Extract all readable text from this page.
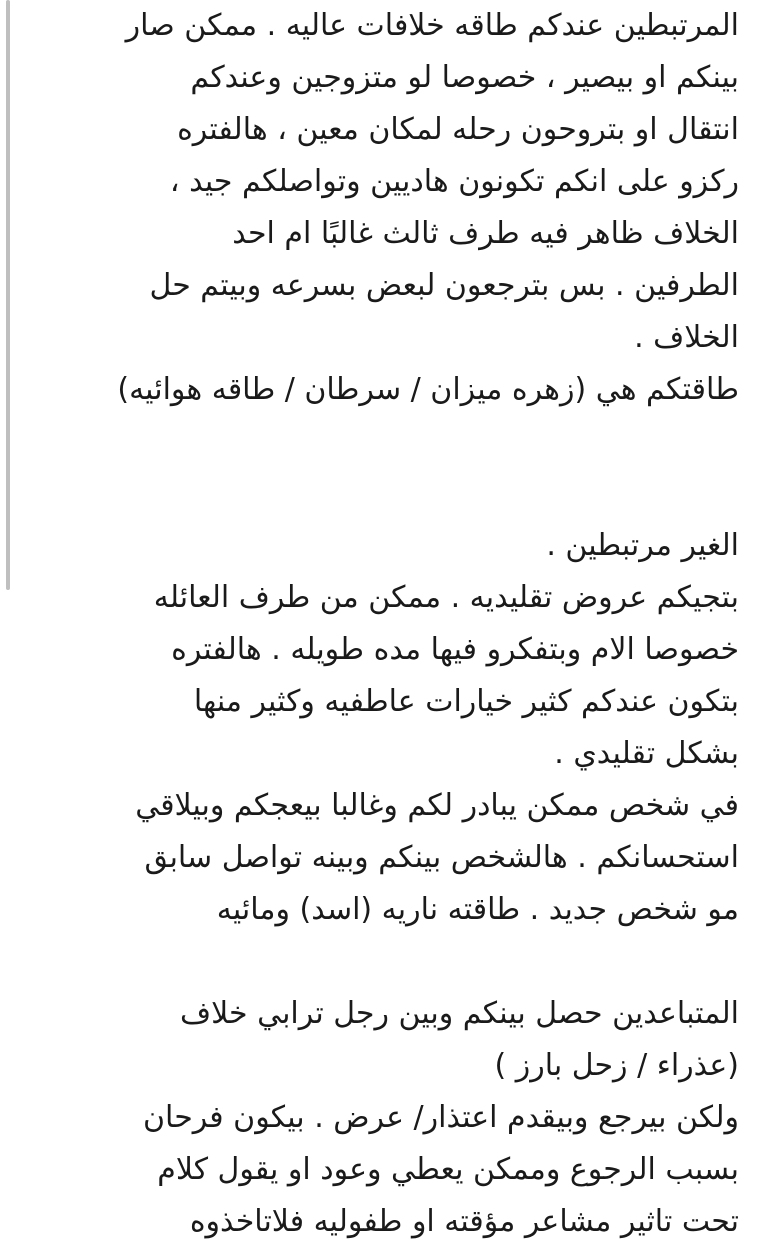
المرتبطين عندكم طاقه خلافات عاليه . ممكن صار
بينكم او بيصير ، خصوصا لو متزوجين وعندكم
انتقال او بتروحون رحله لمكان معين ، هالفتره
ركزو على انكم تكونون هاديين وتواصلكم جيد ،
الخلاف ظاهر فيه طرف ثالث غالبًا ام احد
الطرفين . بس بترجعون لبعض بسرعه وبيتم حل
الخلاف .
طاقتكم هي (زهره ميزان / سرطان / طاقه هوائيه)
الغير مرتبطين .
بتجيكم عروض تقليديه . ممكن من طرف العائله
خصوصا الام وبتفكرو فيها مده طويله . هالفتره
بتكون عندكم كثير خيارات عاطفيه وكثير منها
بشكل تقليدي .
في شخص ممكن يبادر لكم وغالبا بيعجكم وبيلاقي
استحسانكم . هالشخص بينكم وبينه تواصل سابق
مو شخص جديد . طاقته ناريه (اسد) ومائيه
المتباعدين حصل بينكم وبين رجل ترابي خلاف
(عذراء / زحل بارز )
ولكن بيرجع وبيقدم اعتذار/ عرض . بيكون فرحان
بسبب الرجوع وممكن يعطي وعود او يقول كلام
تحت تاثير مشاعر مؤقته او طفوليه فلاتاخذوه
